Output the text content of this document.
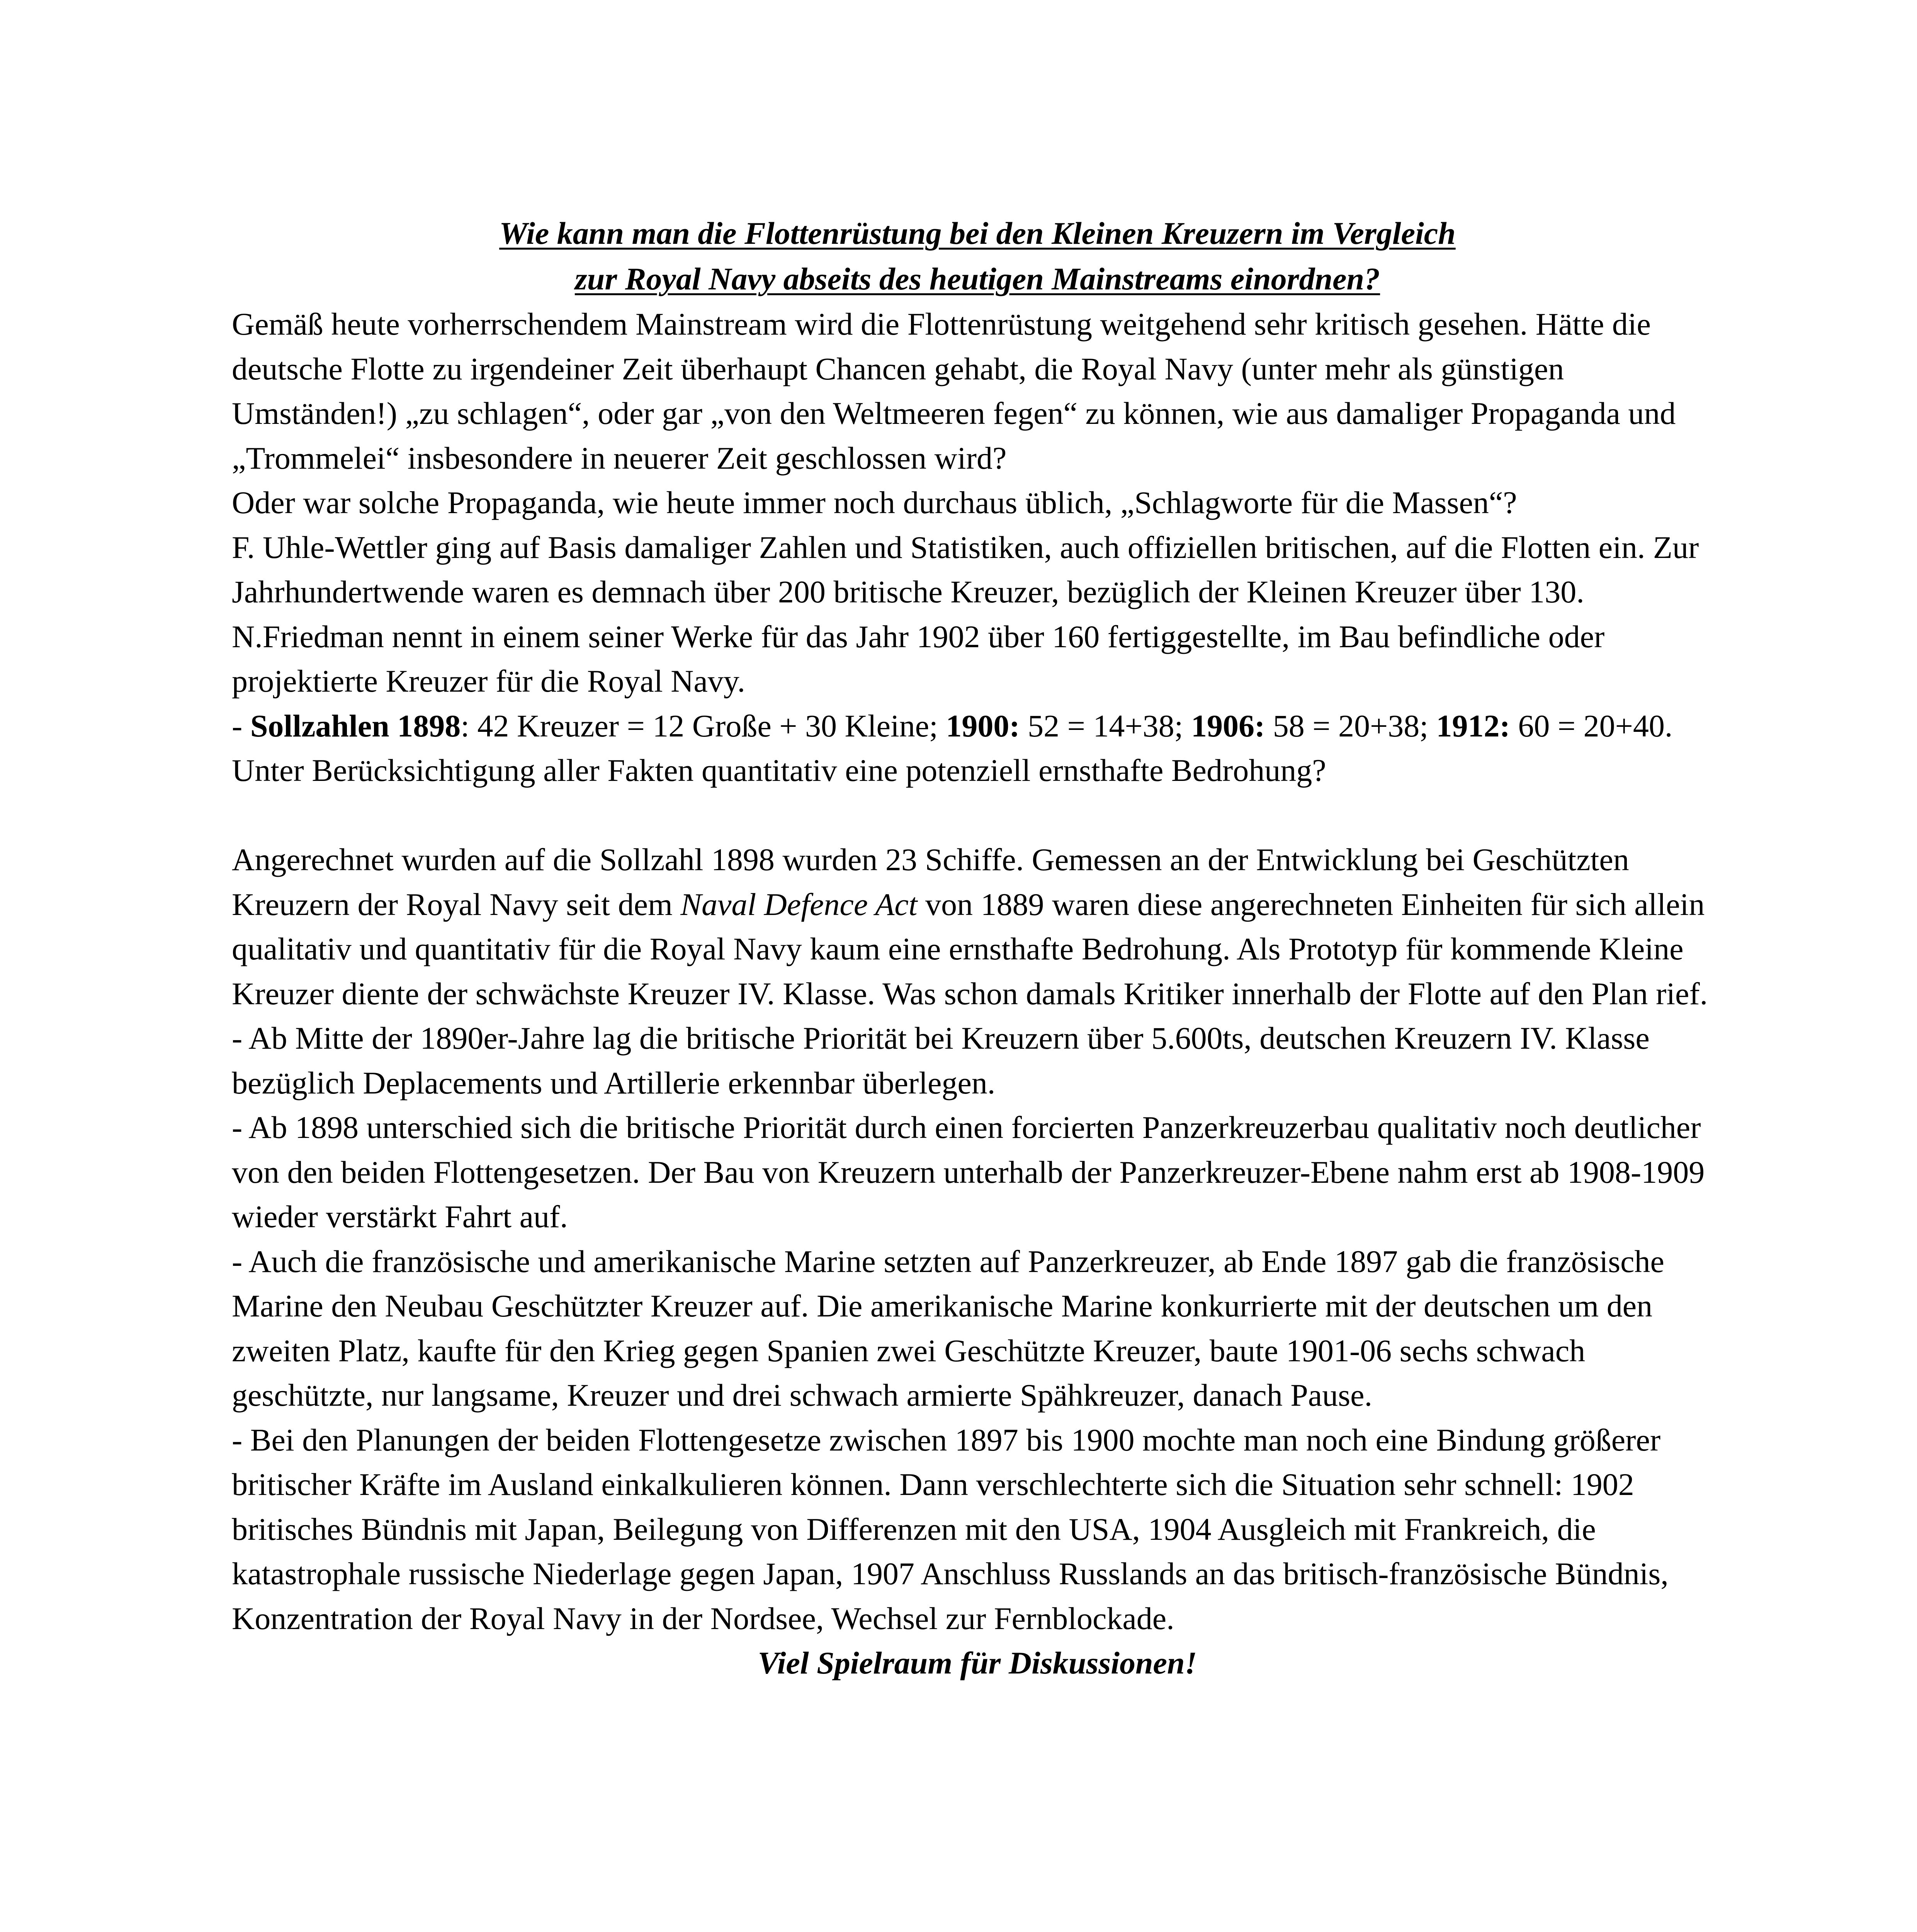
Wie kann man die Flottenrüstung bei den Kleinen Kreuzern im Vergleich
zur Royal Navy abseits des heutigen Mainstreams einordnen?

Gemäß heute vorherrschendem Mainstream wird die Flottenrüstung weitgehend sehr kritisch gesehen. Hätte die deutsche Flotte zu irgendeiner Zeit überhaupt Chancen gehabt, die Royal Navy (unter mehr als günstigen Umständen!) „zu schlagen“, oder gar „von den Weltmeeren fegen“ zu können, wie aus damaliger Propaganda und „Trommelei“ insbesondere in neuerer Zeit geschlossen wird?

Oder war solche Propaganda, wie heute immer noch durchaus üblich, „Schlagworte für die Massen“?

F. Uhle-Wettler ging auf Basis damaliger Zahlen und Statistiken, auch offiziellen britischen, auf die Flotten ein. Zur Jahrhundertwende waren es demnach über 200 britische Kreuzer, bezüglich der Kleinen Kreuzer über 130.

N.Friedman nennt in einem seiner Werke für das Jahr 1902 über 160 fertiggestellte, im Bau befindliche oder projektierte Kreuzer für die Royal Navy.

- Sollzahlen 1898: 42 Kreuzer = 12 Große + 30 Kleine; 1900: 52 = 14+38; 1906: 58 = 20+38; 1912: 60 = 20+40. Unter Berücksichtigung aller Fakten quantitativ eine potenziell ernsthafte Bedrohung?

Angerechnet wurden auf die Sollzahl 1898 wurden 23 Schiffe. Gemessen an der Entwicklung bei Geschützten Kreuzern der Royal Navy seit dem Naval Defence Act von 1889 waren diese angerechneten Einheiten für sich allein qualitativ und quantitativ für die Royal Navy kaum eine ernsthafte Bedrohung. Als Prototyp für kommende Kleine Kreuzer diente der schwächste Kreuzer IV. Klasse. Was schon damals Kritiker innerhalb der Flotte auf den Plan rief.

- Ab Mitte der 1890er-Jahre lag die britische Priorität bei Kreuzern über 5.600ts, deutschen Kreuzern IV. Klasse bezüglich Deplacements und Artillerie erkennbar überlegen.

- Ab 1898 unterschied sich die britische Priorität durch einen forcierten Panzerkreuzerbau qualitativ noch deutlicher von den beiden Flottengesetzen. Der Bau von Kreuzern unterhalb der Panzerkreuzer-Ebene nahm erst ab 1908-1909 wieder verstärkt Fahrt auf.

- Auch die französische und amerikanische Marine setzten auf Panzerkreuzer, ab Ende 1897 gab die französische Marine den Neubau Geschützter Kreuzer auf. Die amerikanische Marine konkurrierte mit der deutschen um den zweiten Platz, kaufte für den Krieg gegen Spanien zwei Geschützte Kreuzer, baute 1901-06 sechs schwach geschützte, nur langsame, Kreuzer und drei schwach armierte Spähkreuzer, danach Pause.

- Bei den Planungen der beiden Flottengesetze zwischen 1897 bis 1900 mochte man noch eine Bindung größerer britischer Kräfte im Ausland einkalkulieren können. Dann verschlechterte sich die Situation sehr schnell: 1902 britisches Bündnis mit Japan, Beilegung von Differenzen mit den USA, 1904 Ausgleich mit Frankreich, die katastrophale russische Niederlage gegen Japan, 1907 Anschluss Russlands an das britisch-französische Bündnis, Konzentration der Royal Navy in der Nordsee, Wechsel zur Fernblockade.

Viel Spielraum für Diskussionen!
